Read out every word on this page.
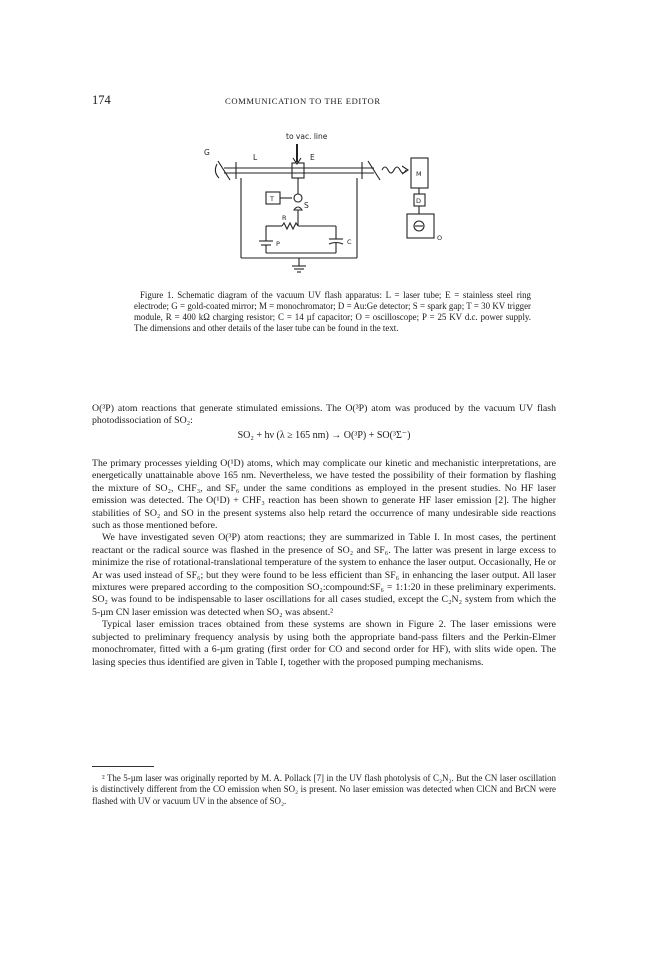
174	COMMUNICATION TO THE EDITOR
to vac. line
G
L	E
M
D
O
T
S
R
P	C
Figure 1. Schematic diagram of the vacuum UV flash apparatus: L = laser tube; E = stainless steel ring electrode; G = gold-coated mirror; M = monochromator; D = Au:Ge detector; S = spark gap; T = 30 KV trigger module, R = 400 kΩ charging resistor; C = 14 µf capacitor; O = oscilloscope; P = 25 KV d.c. power supply. The dimensions and other details of the laser tube can be found in the text.

O(³P) atom reactions that generate stimulated emissions. The O(³P) atom was produced by the vacuum UV flash photodissociation of SO₂:

SO₂ + hν (λ ≥ 165 nm) → O(³P) + SO(³Σ⁻)

The primary processes yielding O(¹D) atoms, which may complicate our kinetic and mechanistic interpretations, are energetically unattainable above 165 nm. Nevertheless, we have tested the possibility of their formation by flashing the mixture of SO₂, CHF₃, and SF₆ under the same conditions as employed in the present studies. No HF laser emission was detected. The O(¹D) + CHF₃ reaction has been shown to generate HF laser emission [2]. The higher stabilities of SO₂ and SO in the present systems also help retard the occurrence of many undesirable side reactions such as those mentioned before.

We have investigated seven O(³P) atom reactions; they are summarized in Table I. In most cases, the pertinent reactant or the radical source was flashed in the presence of SO₂ and SF₆. The latter was present in large excess to minimize the rise of rotational-translational temperature of the system to enhance the laser output. Occasionally, He or Ar was used instead of SF₆; but they were found to be less efficient than SF₆ in enhancing the laser output. All laser mixtures were prepared according to the composition SO₂:compound:SF₆ = 1:1:20 in these preliminary experiments. SO₂ was found to be indispensable to laser oscillations for all cases studied, except the C₂N₂ system from which the 5-µm CN laser emission was detected when SO₂ was absent.²

Typical laser emission traces obtained from these systems are shown in Figure 2. The laser emissions were subjected to preliminary frequency analysis by using both the appropriate band-pass filters and the Perkin-Elmer monochromater, fitted with a 6-µm grating (first order for CO and second order for HF), with slits wide open. The lasing species thus identified are given in Table I, together with the proposed pumping mechanisms.

² The 5-µm laser was originally reported by M. A. Pollack [7] in the UV flash photolysis of C₂N₂. But the CN laser oscillation is distinctively different from the CO emission when SO₂ is present. No laser emission was detected when ClCN and BrCN were flashed with UV or vacuum UV in the absence of SO₂.
